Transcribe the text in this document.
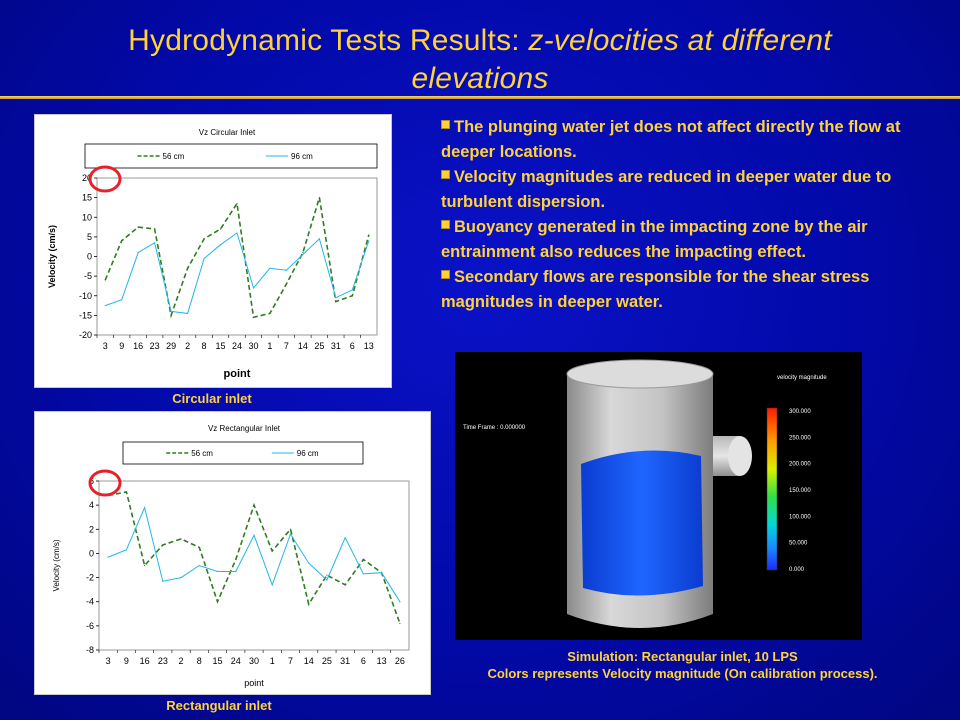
Hydrodynamic Tests Results: z-velocities at different elevations
Vz Circular Inlet
56 cm	96 cm
20
15
10
5
0
-5
-10
-15
-20
3 9 16 23 29 2 8 15 24 30 1 7 14 25 31 6 13
Velocity (cm/s)
point
Circular inlet
Vz Rectangular Inlet
56 cm	96 cm
6
4
2
0
-2
-4
-6
-8
3 9 16 23 2 8 15 24 30 1 7 14 25 31 6 13 26
Velocity (cm/s)
point
Rectangular inlet
The plunging water jet does not affect directly the flow at deeper locations.
Velocity magnitudes are reduced in deeper water due to turbulent dispersion.
Buoyancy generated in the impacting zone by the air entrainment also reduces the impacting effect.
Secondary flows are responsible for the shear stress magnitudes in deeper water.
Time Frame : 0.000000
velocity magnitude
300.000
250.000
200.000
150.000
100.000
50.000
0.000
Simulation: Rectangular inlet, 10 LPS
Colors represents Velocity magnitude (On calibration process).
